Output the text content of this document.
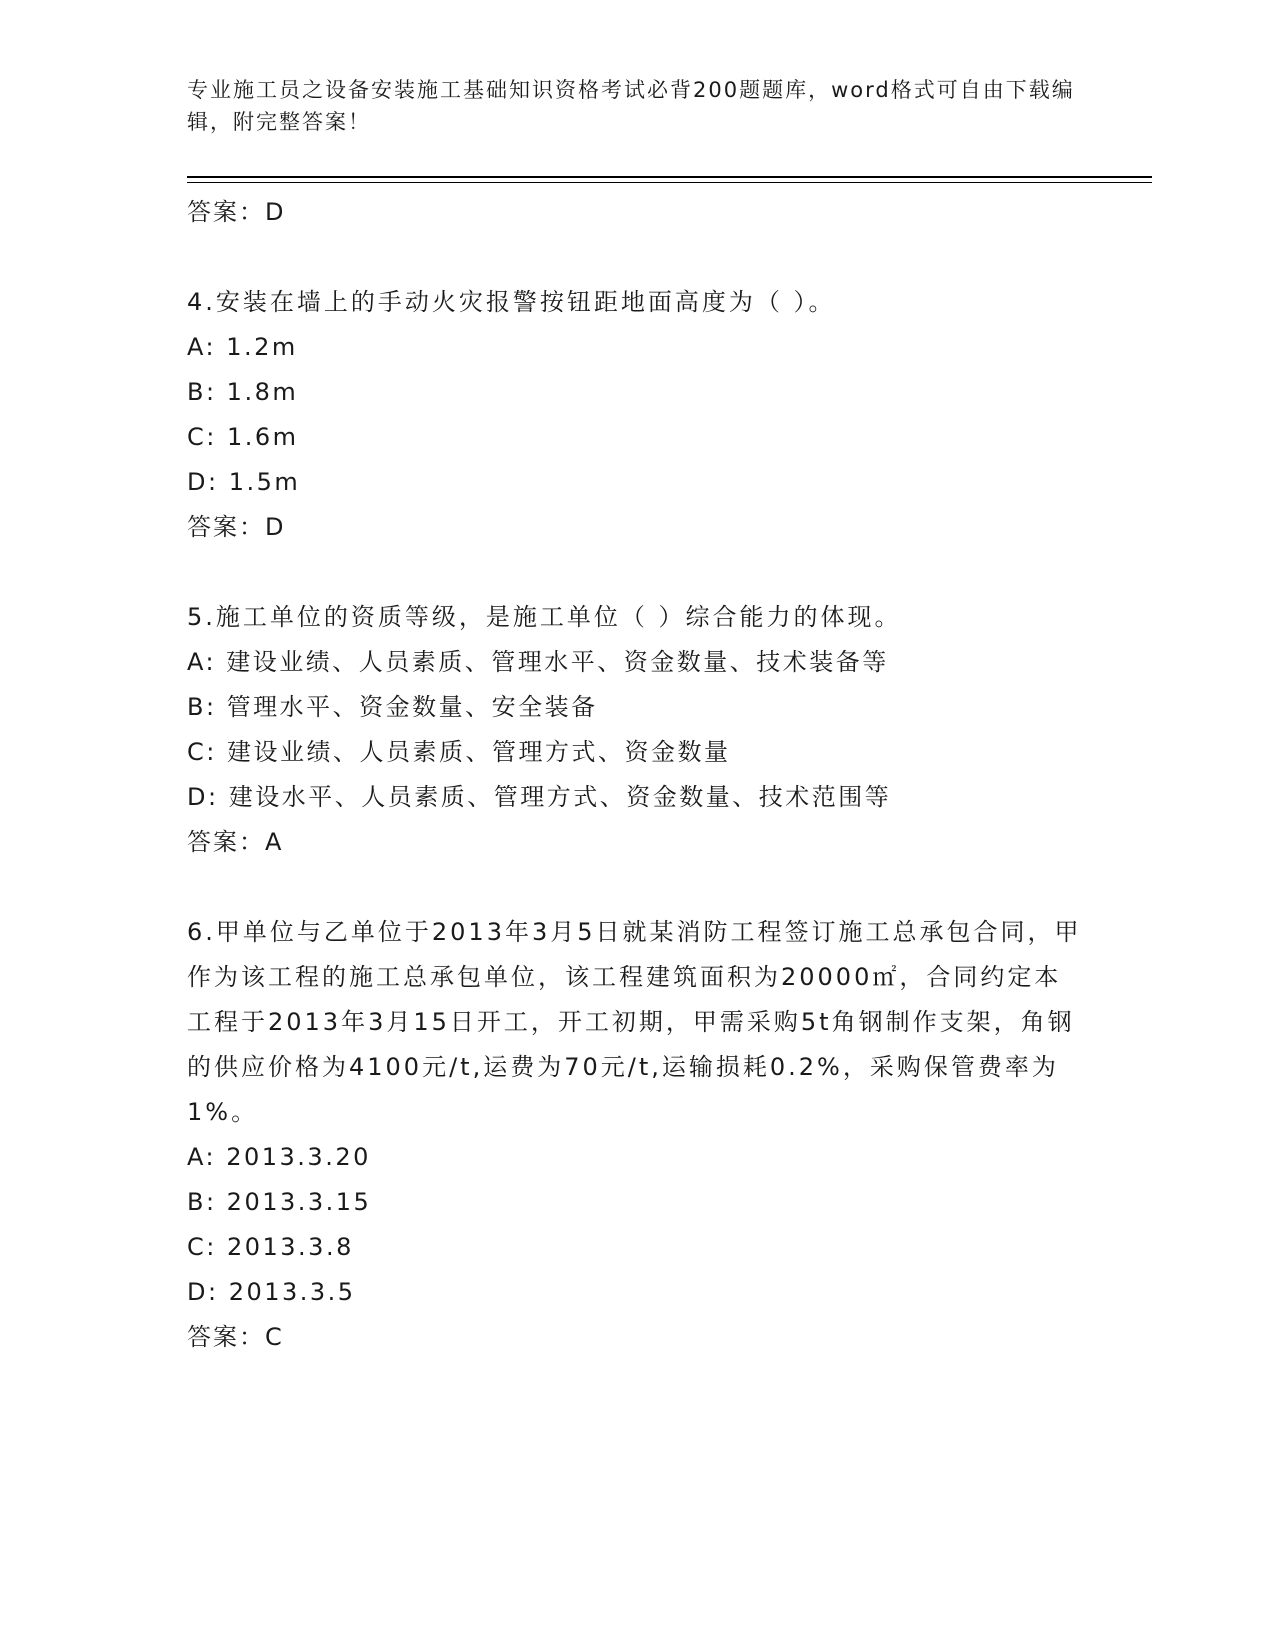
专业施工员之设备安装施工基础知识资格考试必背200题题库，word格式可自由下载编辑，附完整答案！
答案：D
4.安装在墙上的手动火灾报警按钮距地面高度为（ ）。
A: 1.2m
B: 1.8m
C: 1.6m
D: 1.5m
答案：D
5.施工单位的资质等级，是施工单位（ ）综合能力的体现。
A: 建设业绩、人员素质、管理水平、资金数量、技术装备等
B: 管理水平、资金数量、安全装备
C: 建设业绩、人员素质、管理方式、资金数量
D: 建设水平、人员素质、管理方式、资金数量、技术范围等
答案：A
6.甲单位与乙单位于2013年3月5日就某消防工程签订施工总承包合同，甲作为该工程的施工总承包单位，该工程建筑面积为20000㎡，合同约定本工程于2013年3月15日开工，开工初期，甲需采购5t角钢制作支架，角钢的供应价格为4100元/t,运费为70元/t,运输损耗0.2%，采购保管费率为1%。
A: 2013.3.20
B: 2013.3.15
C: 2013.3.8
D: 2013.3.5
答案：C
